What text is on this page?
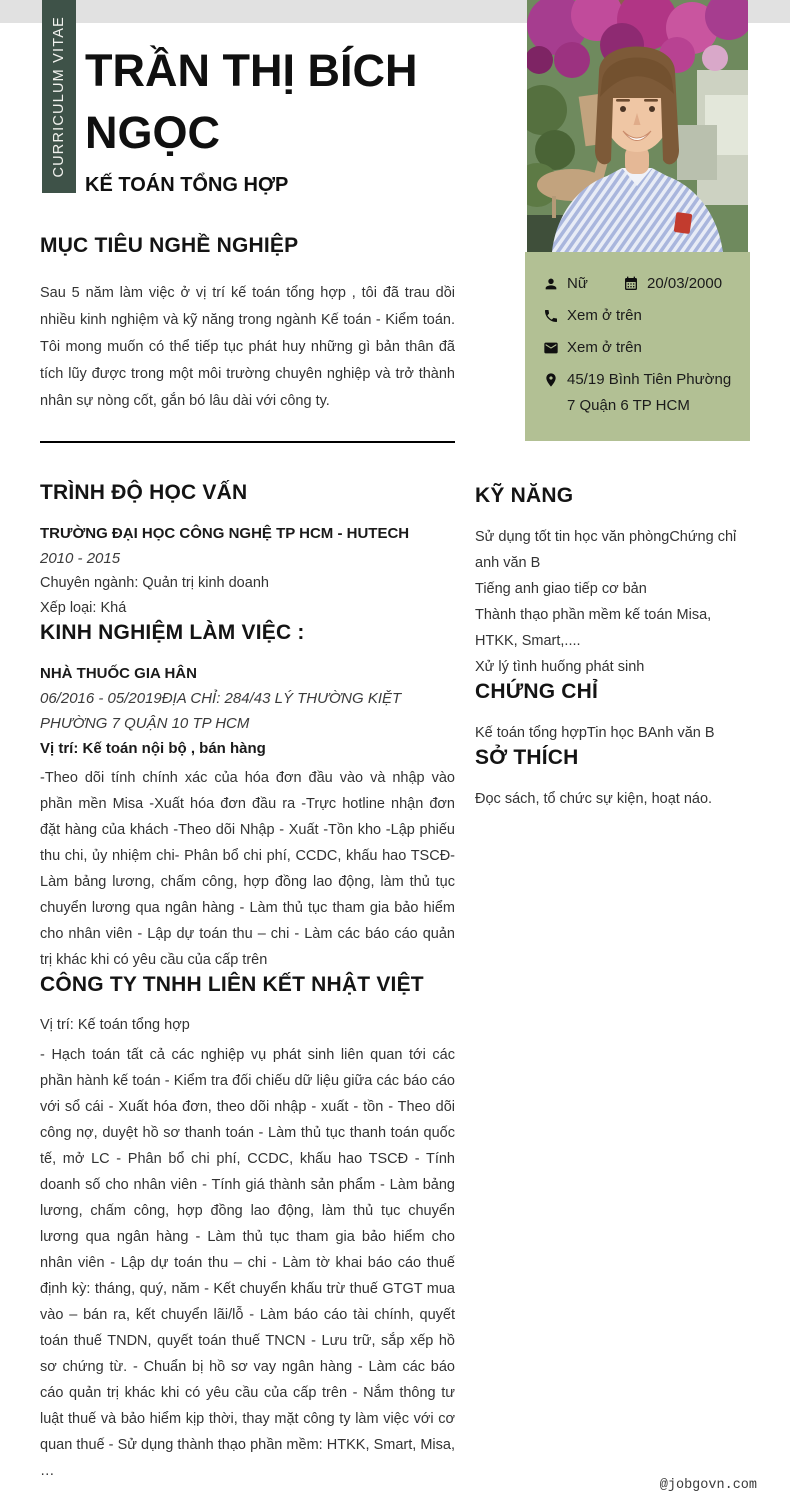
CURRICULUM VITAE TRẦN THỊ BÍCH NGỌC
KẾ TOÁN TỔNG HỢP
Nữ	20/03/2000
Xem ở trên
Xem ở trên
45/19 Bình Tiên Phường 7 Quận 6 TP HCM
MỤC TIÊU NGHỀ NGHIỆP

Sau 5 năm làm việc ở vị trí kế toán tổng hợp , tôi đã trau dồi nhiều kinh nghiệm và kỹ năng trong ngành Kế toán - Kiểm toán. Tôi mong muốn có thể tiếp tục phát huy những gì bản thân đã tích lũy được trong một môi trường chuyên nghiệp và trở thành nhân sự nòng cốt, gắn bó lâu dài với công ty.

TRÌNH ĐỘ HỌC VẤN

TRƯỜNG ĐẠI HỌC CÔNG NGHỆ TP HCM - HUTECH

2010 - 2015

Chuyên ngành: Quản trị kinh doanh

Xếp loại: Khá

KINH NGHIỆM LÀM VIỆC :

NHÀ THUỐC GIA HÂN

06/2016 - 05/2019ĐỊA CHỈ: 284/43 LÝ THƯỜNG KIỆT PHƯỜNG 7 QUẬN 10 TP HCM

Vị trí: Kế toán nội bộ , bán hàng

-Theo dõi tính chính xác của hóa đơn đầu vào và nhập vào phần mền Misa -Xuất hóa đơn đầu ra -Trực hotline nhận đơn đặt hàng của khách -Theo dõi Nhập - Xuất -Tồn kho -Lập phiếu thu chi, ủy nhiệm chi- Phân bổ chi phí, CCDC, khấu hao TSCĐ- Làm bảng lương, chấm công, hợp đồng lao động, làm thủ tục chuyển lương qua ngân hàng - Làm thủ tục tham gia bảo hiểm cho nhân viên - Lập dự toán thu – chi - Làm các báo cáo quản trị khác khi có yêu cầu của cấp trên

CÔNG TY TNHH LIÊN KẾT NHẬT VIỆT

Vị trí: Kế toán tổng hợp

- Hạch toán tất cả các nghiệp vụ phát sinh liên quan tới các phần hành kế toán - Kiểm tra đối chiếu dữ liệu giữa các báo cáo với sổ cái - Xuất hóa đơn, theo dõi nhập - xuất - tồn - Theo dõi công nợ, duyệt hồ sơ thanh toán - Làm thủ tục thanh toán quốc tế, mở LC - Phân bổ chi phí, CCDC, khấu hao TSCĐ - Tính doanh số cho nhân viên - Tính giá thành sản phẩm - Làm bảng lương, chấm công, hợp đồng lao động, làm thủ tục chuyển lương qua ngân hàng - Làm thủ tục tham gia bảo hiểm cho nhân viên - Lập dự toán thu – chi - Làm tờ khai báo cáo thuế định kỳ: tháng, quý, năm - Kết chuyển khấu trừ thuế GTGT mua vào – bán ra, kết chuyển lãi/lỗ - Làm báo cáo tài chính, quyết toán thuế TNDN, quyết toán thuế TNCN - Lưu trữ, sắp xếp hồ sơ chứng từ. - Chuẩn bị hồ sơ vay ngân hàng - Làm các báo cáo quản trị khác khi có yêu cầu của cấp trên - Nắm thông tư luật thuế và bảo hiểm kịp thời, thay mặt công ty làm việc với cơ quan thuế - Sử dụng thành thạo phần mềm: HTKK, Smart, Misa, …

KỸ NĂNG

Sử dụng tốt tin học văn phòngChứng chỉ anh văn B

Tiếng anh giao tiếp cơ bản

Thành thạo phần mềm kế toán Misa, HTKK, Smart,....

Xử lý tình huống phát sinh

CHỨNG CHỈ

Kế toán tổng hợpTin học BAnh văn B

SỞ THÍCH

Đọc sách, tổ chức sự kiện, hoạt náo.

@jobgovn.com
